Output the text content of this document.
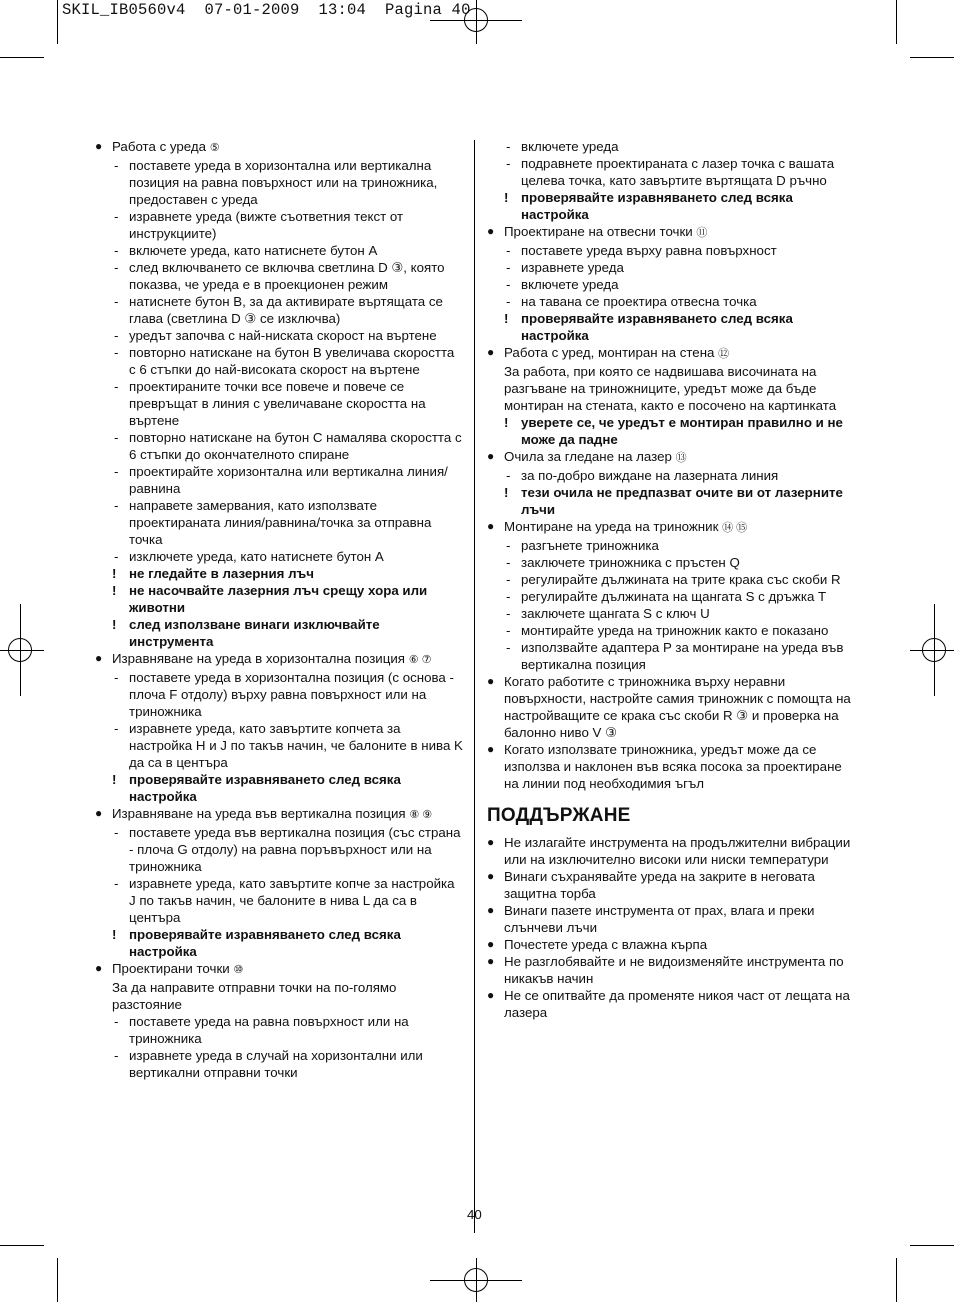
SKIL_IB0560v4  07-01-2009  13:04  Pagina 40
● Работа с уреда ⑤
- поставете уреда в хоризонтална или вертикална позиция на равна повърхност или на триножника, предоставен с уреда
- изравнете уреда (вижте съответния текст от инструкциите)
- включете уреда, като натиснете бутон А
- след включването се включва светлина D ③, която показва, че уреда е в проекционен режим
- натиснете бутон В, за да активирате въртящата се глава (светлина D ③ се изключва)
- уредът започва с най-ниската скорост на въртене
- повторно натискане на бутон В увеличава скоростта с 6 стъпки до най-високата скорост на въртене
- проектираните точки все повече и повече се превръщат в линия с увеличаване скоростта на въртене
- повторно натискане на бутон С намалява скоростта с 6 стъпки до окончателното спиране
- проектирайте хоризонтална или вертикална линия/равнина
- направете замервания, като използвате проектираната линия/равнина/точка за отправна точка
- изключете уреда, като натиснете бутон А
! не гледайте в лазерния лъч
! не насочвайте лазерния лъч срещу хора или животни
! след използване винаги изключвайте инструмента
● Изравняване на уреда в хоризонтална позиция ⑥ ⑦
- поставете уреда в хоризонтална позиция (с основа - плоча F отдолу) върху равна повърхност или на триножника
- изравнете уреда, като завъртите копчета за настройка H и J по такъв начин, че балоните в нива K да са в центъра
! проверявайте изравняването след всяка настройка
● Изравняване на уреда във вертикална позиция ⑧ ⑨
- поставете уреда във вертикална позиция (със страна - плоча G отдолу) на равна поръвърхност или на триножника
- изравнете уреда, като завъртите копче за настройка J по такъв начин, че балоните в нива L да са в центъра
! проверявайте изравняването след всяка настройка
● Проектирани точки ⑩
За да направите отправни точки на по-голямо разстояние
- поставете уреда на равна повърхност или на триножника
- изравнете уреда в случай на хоризонтални или вертикални отправни точки
- включете уреда
- подравнете проектираната с лазер точка с вашата целева точка, като завъртите въртящата D ръчно
! проверявайте изравняването след всяка настройка
● Проектиране на отвесни точки ⑪
- поставете уреда върху равна повърхност
- изравнете уреда
- включете уреда
- на тавана се проектира отвесна точка
! проверявайте изравняването след всяка настройка
● Работа с уред, монтиран на стена ⑫
За работа, при която се надвишава височината на разгъване на триножниците, уредът може да бъде монтиран на стената, както е посочено на картинката
! уверете се, че уредът е монтиран правилно и не може да падне
● Очила за гледане на лазер ⑬
- за по-добро виждане на лазерната линия
! тези очила не предпазват очите ви от лазерните лъчи
● Монтиране на уреда на триножник ⑭ ⑮
- разгънете триножника
- заключете триножника с пръстен Q
- регулирайте дължината на трите крака със скоби R
- регулирайте дължината на щангата S с дръжка T
- заключете щангата S с ключ U
- монтирайте уреда на триножник както е показано
- използвайте адаптера P за монтиране на уреда във вертикална позиция
● Когато работите с триножника върху неравни повърхности, настройте самия триножник с помощта на настройващите се крака със скоби R ③ и проверка на балонно ниво V ③
● Когато използвате триножника, уредът може да се използва и наклонен във всяка посока за проектиране на линии под необходимия ъгъл
ПОДДЪРЖАНЕ
● Не излагайте инструмента на продължителни вибрации или на изключително високи или ниски температури
● Винаги съхранявайте уреда на закрите в неговата защитна торба
● Винаги пазете инструмента от прах, влага и преки слънчеви лъчи
● Почестете уреда с влажна кърпа
● Не разглобявайте и не видоизменяйте инструмента по никакъв начин
● Не се опитвайте да променяте никоя част от лещата на лазера
40
